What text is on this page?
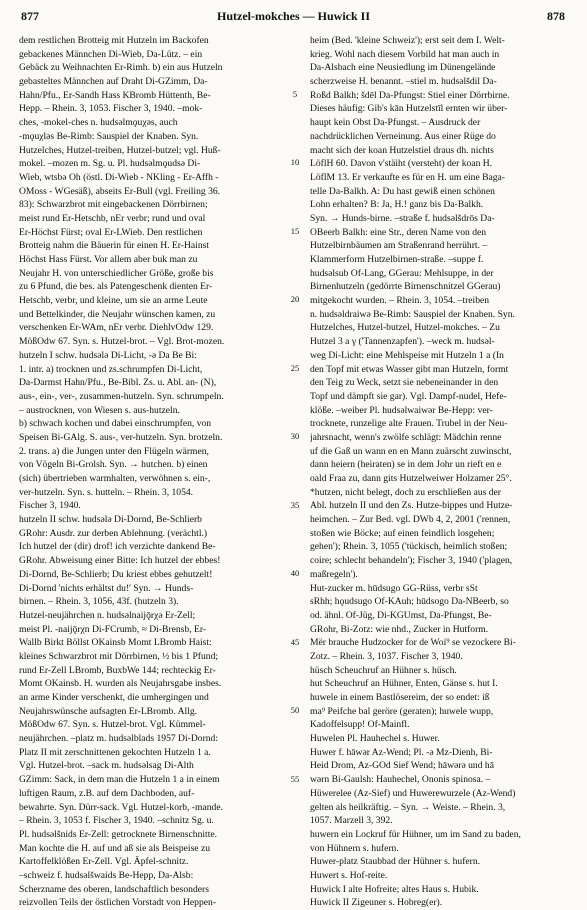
877	Hutzel-mokches — Huwick II	878
dem restlichen Brotteig mit Hutzeln im Backofen
gebackenes Männchen Di-Wieb, Da-Lütz. – ein
Gebäck zu Weihnachten Er-Rimh. b) ein aus Hutzeln
gebasteltes Männchen auf Draht Di-GZimm, Da-
Hahn/Pfu., Er-Sandh Hass KBromb Hüttenth, Be-
Hepp. – Rhein. 3, 1053. Fischer 3, 1940. –mok-
ches, -mokel-ches n. hudsəlmǫuχəs, auch
-mǫuχləs Be-Rimb: Sauspiel der Knaben. Syn.
Hutzelches, Hutzel-treiben, Hutzel-butzel; vgl. Huß-
mokel. –mozen m. Sg. u. Pl. hudsəlmǫudsə Di-
Wieb, wtsbə Oh (östl. Di-Wieb - NKling - Er-Affh -
OMoss - WGesäß), abseits Er-Bull (vgl. Freiling 36.
83): Schwarzbrot mit eingebackenen Dörrbirnen;
meist rund Er-Hetschb, nEr verbr; rund und oval
Er-Höchst Fürst; oval Er-LWieb. Den restlichen
Brotteig nahm die Bäuerin für einen H. Er-Hainst
Höchst Hass Fürst. Vor allem aber buk man zu
Neujahr H. von unterschiedlicher Größe, große bis
zu 6 Pfund, die bes. als Patengeschenk dienten Er-
Hetschb, verbr, und kleine, um sie an arme Leute
und Bettelkinder, die Neujahr wünschen kamen, zu
verschenken Er-WAm, nEr verbr. DiehlvOdw 129.
MößOdw 67. Syn. s. Hutzel-brot. – Vgl. Brot-mozen.
hutzeln I schw. hudsələ Di-Licht, -ə Da Be Bi:
1. intr. a) trocknen und zs.schrumpfen Di-Licht,
Da-Darmst Hahn/Pfu., Be-Bibl. Zs. u. Abl. an- (N),
aus-, ein-, ver-, zusammen-hutzeln. Syn. schrumpeln.
– austrocknen, von Wiesen s. aus-hutzeln.
b) schwach kochen und dabei einschrumpfen, von
Speisen Bi-GAlg. S. aus-, ver-hutzeln. Syn. brotzeln.
2. trans. a) die Jungen unter den Flügeln wärmen,
von Vögeln Bi-Grolsh. Syn. → hutchen. b) einen
(sich) übertrieben warmhalten, verwöhnen s. ein-,
ver-hutzeln. Syn. s. hutteln. – Rhein. 3, 1054.
Fischer 3, 1940.
hutzeln II schw. hudsələ Di-Dornd, Be-Schlierb
GRohr: Ausdr. zur derben Ablehnung. (verächtl.)
Ich hutzel der (dir) drof! ich verzichte dankend Be-
GRohr. Abweisung einer Bitte: Ich hutzel der ebbes!
Di-Dornd, Be-Schlierb; Du kriest ebbes gehutzelt!
Di-Dornd 'nichts erhältst du!' Syn. → Hunds-
birnen. – Rhein. 3, 1056, 43f. (hutzeln 3).
Hutzel-neujährchen n. hudsəlnaijǭrχə Er-Zell;
meist Pl. -naijǭrχn Di-FCrumb, ≈ Di-Brensb, Er-
Wallb Birkt Böllst OKainsb Momt LBromb Haist:
kleines Schwarzbrot mit Dörrbirnen, ½ bis 1 Pfund;
rund Er-Zell LBromb, BuxbWe 144; rechteckig Er-
Momt OKainsb. H. wurden als Neujahrsgabe insbes.
an arme Kinder verschenkt, die umhergingen und
Neujahrswünsche aufsagten Er-LBromb. Allg.
MößOdw 67. Syn. s. Hutzel-brot. Vgl. Kümmel-
neujährchen. –platz m. hudsəlblads 1957 Di-Dornd:
Platz II mit zerschnittenen gekochten Hutzeln 1 a.
Vgl. Hutzel-brot. –sack m. hudsəlsag Di-Alth
GZimm: Sack, in dem man die Hutzeln 1 a in einem
luftigen Raum, z.B. auf dem Dachboden, auf-
bewahrte. Syn. Dürr-sack. Vgl. Hutzel-korb, -mande.
– Rhein. 3, 1053 f. Fischer 3, 1940. –schnitz Sg. u.
Pl. hudsəlšnids Er-Zell: getrocknete Birnenschnitte.
Man kochte die H. auf und aß sie als Beispeise zu
Kartoffelklößen Er-Zell. Vgl. Äpfel-schnitz.
–schweiz f. hudsəlšwaids Be-Hepp, Da-Alsb:
Scherzname des oberen, landschaftlich besonders
reizvollen Teils der östlichen Vorstadt von Heppen-
5
10
15
20
25
30
35
40
45
50
55
heim (Bed. 'kleine Schweiz'); erst seit dem I. Welt-
krieg. Wohl nach diesem Vorbild hat man auch in
Da-Alsbach eine Neusiedlung im Dünengelände
scherzweise H. benannt. –stiel m. hudsəlšdil Da-
Roßd Balkh; šdēl Da-Pfungst: Stiel einer Dörrbirne.
Dieses häufig: Gib's kān Hutzelstīl ernten wir über-
haupt kein Obst Da-Pfungst. – Ausdruck der
nachdrücklichen Verneinung. Aus einer Rüge do
macht sich der koan Hutzelstiel draus dh. nichts
LöflH 60. Davon v'stäiht (versteht) der koan H.
LöflM 13. Er verkaufte es für en H. um eine Baga-
telle Da-Balkh. A: Du hast gewiß einen schönen
Lohn erhalten? B: Ja, H.! ganz bis Da-Balkh.
Syn. → Hunds-birne. –straße f. hudsəlšdrōs Da-
OBeerb Balkh: eine Str., deren Name von den
Hutzelbirnbäumen am Straßenrand herrührt. –
Klammerform Hutzelbirnen-straße. –suppe f.
hudsəlsub Of-Lang, GGerau: Mehlsuppe, in der
Birnenhutzeln (gedörrte Birnenschnitzel GGerau)
mitgekocht wurden. – Rhein. 3, 1054. –treiben
n. hudsəldraiwə Be-Rimb: Sauspiel der Knaben. Syn.
Hutzelches, Hutzel-butzel, Hutzel-mokches. – Zu
Hutzel 3 a γ ('Tannenzapfen'). –weck m. hudsəl-
weg Di-Licht: eine Mehlspeise mit Hutzeln 1 a (In
den Topf mit etwas Wasser gibt man Hutzeln, formt
den Teig zu Weck, setzt sie nebeneinander in den
Topf und dämpft sie gar). Vgl. Dampf-nudel, Hefe-
klöße. –weiber Pl. hudsəlwaiwər Be-Hepp: ver-
trocknete, runzelige alte Frauen. Trubel in der Neu-
jahrsnacht, wenn's zwölfe schlägt: Mädchin renne
uf die Gaß un wann en en Mann zuärscht zuwinscht,
dann heiern (heiraten) se in dem Johr un rieft en e
oald Fraa zu, dann gits Hutzelweiwer Holzamer 25°.
*hutzen, nicht belegt, doch zu erschließen aus der
Abl. hutzeln II und den Zs. Hutze-bippes und Hutze-
heimchen. – Zur Bed. vgl. DWb 4, 2, 2001 ('rennen,
stoßen wie Böcke; auf einen feindlich losgehen;
gehen'); Rhein. 3, 1055 ('tückisch, heimlich stoßen;
coire; schlecht behandeln'); Fischer 3, 1940 ('plagen,
maßregeln').
Hut-zucker m. hūdsugo GG-Rüss, verbr sSt
sRhh; hǫudsugo Of-KAuh; hūdsogo Da-NBeerb, so
od. ähnl. Of-Jüg, Di-KGUmst, Da-Pfungst, Be-
GRohr, Bi-Zotz: wie nhd., Zucker in Hutform.
Mër brauche Hudzocker for de Woi⁹ se vezockere Bi-
Zotz. – Rhein. 3, 1037. Fischer 3, 1940.
hüsch Scheuchruf an Hühner s. hüsch.
hut Scheuchruf an Hühner, Enten, Gänse s. hut I.
huwele in einem Bastlösereim, der so endet: iß
ma⁹ Peifche bal geröre (geraten); huwele wupp,
Kadoffelsupp! Of-Mainfl.
Huwelen Pl. Hauhechel s. Huwer.
Huwer f. hāwər Az-Wend; Pl. -ə Mz-Dienh, Bi-
Heid Drom, Az-GOd Sief Wend; hāwərə und hā
wərn Bi-Gaulsh: Hauhechel, Ononis spinosa. –
Hüwerelee (Az-Sief) und Huwerewurzele (Az-Wend)
gelten als heilkräftig. – Syn. → Weiste. – Rhein. 3,
1057. Marzell 3, 392.
huwern ein Lockruf für Hühner, um im Sand zu baden,
von Hühnern s. hufern.
Huwer-platz Staubbad der Hühner s. hufern.
Huwert s. Hof-reite.
Huwick I alte Hofreite; altes Haus s. Hubik.
Huwick II Zigeuner s. Hobreg(er).
